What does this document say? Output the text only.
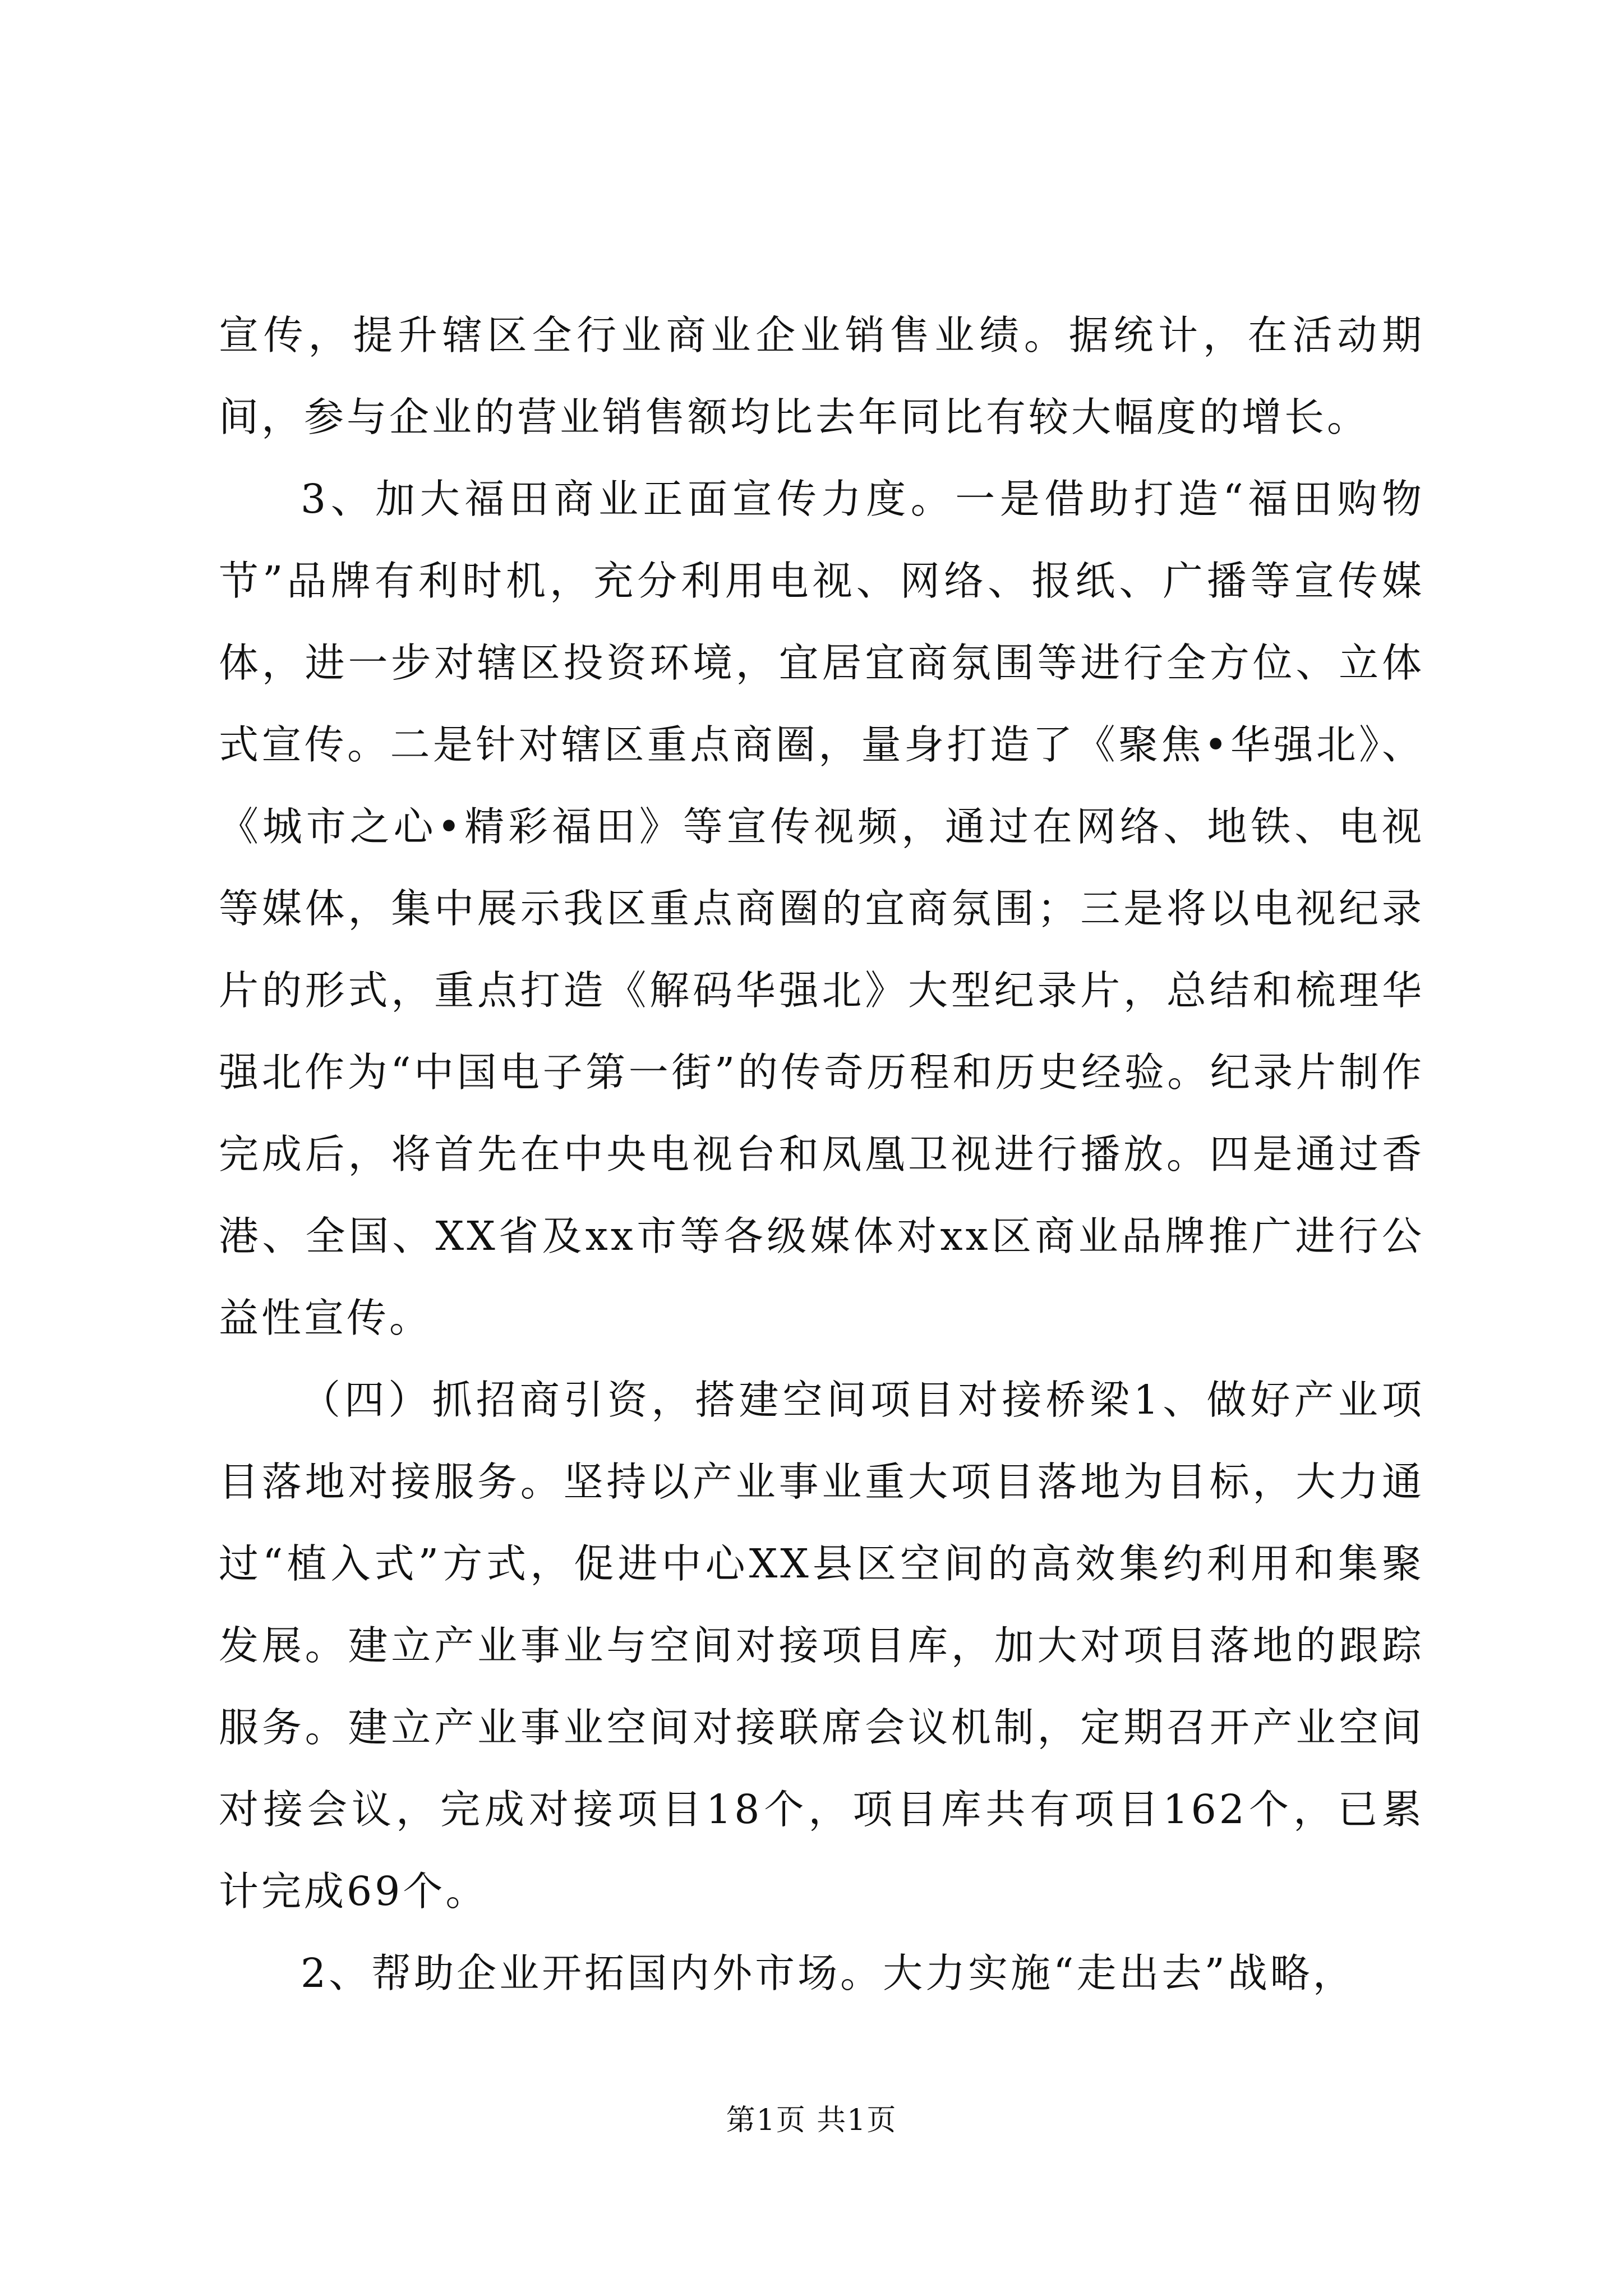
宣传，提升辖区全行业商业企业销售业绩。据统计，在活动期间，参与企业的营业销售额均比去年同比有较大幅度的增长。

3、加大福田商业正面宣传力度。一是借助打造“福田购物节”品牌有利时机，充分利用电视、网络、报纸、广播等宣传媒体，进一步对辖区投资环境，宜居宜商氛围等进行全方位、立体式宣传。二是针对辖区重点商圈，量身打造了《聚焦•华强北》、《城市之心•精彩福田》等宣传视频，通过在网络、地铁、电视等媒体，集中展示我区重点商圈的宜商氛围；三是将以电视纪录片的形式，重点打造《解码华强北》大型纪录片，总结和梳理华强北作为“中国电子第一街”的传奇历程和历史经验。纪录片制作完成后，将首先在中央电视台和凤凰卫视进行播放。四是通过香港、全国、XX省及xx市等各级媒体对xx区商业品牌推广进行公益性宣传。

（四）抓招商引资，搭建空间项目对接桥梁1、做好产业项目落地对接服务。坚持以产业事业重大项目落地为目标，大力通过“植入式”方式，促进中心XX县区空间的高效集约利用和集聚发展。建立产业事业与空间对接项目库，加大对项目落地的跟踪服务。建立产业事业空间对接联席会议机制，定期召开产业空间对接会议，完成对接项目18个，项目库共有项目162个，已累计完成69个。

2、帮助企业开拓国内外市场。大力实施“走出去”战略，

第1页 共1页
